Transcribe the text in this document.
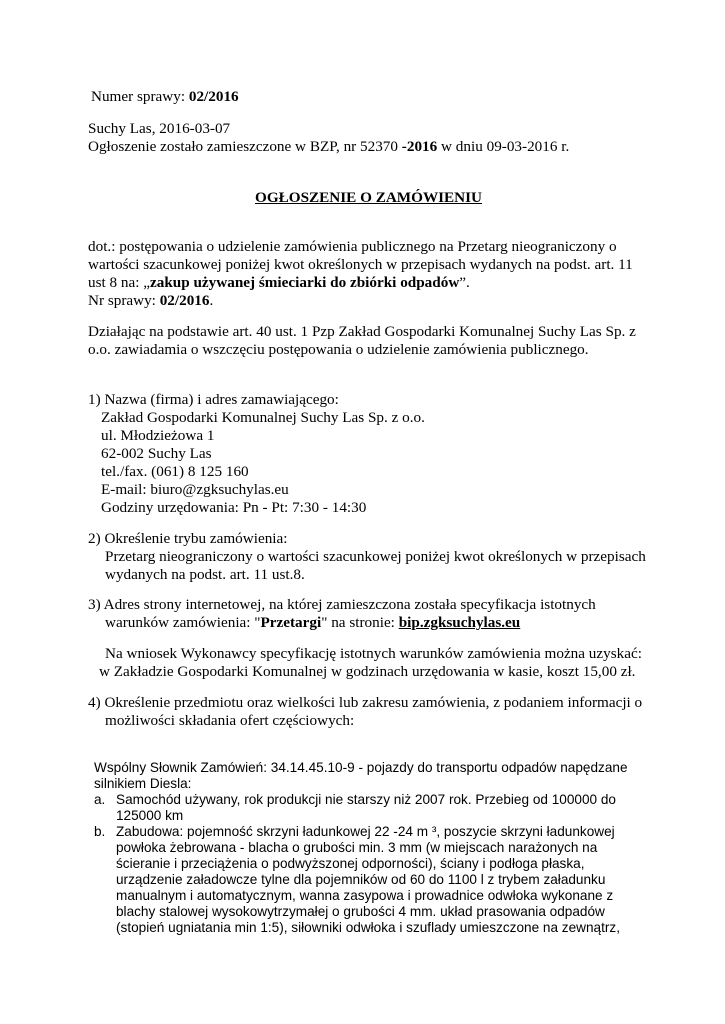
Numer sprawy: 02/2016
Suchy Las, 2016-03-07
Ogłoszenie zostało zamieszczone w BZP, nr 52370 -2016 w dniu 09-03-2016 r.
OGŁOSZENIE O ZAMÓWIENIU
dot.: postępowania o udzielenie zamówienia publicznego na Przetarg nieograniczony o
wartości szacunkowej poniżej kwot określonych w przepisach wydanych na podst. art. 11
ust 8 na: „zakup używanej śmieciarki do zbiórki odpadów”.
Nr sprawy: 02/2016.
Działając na podstawie art. 40 ust. 1 Pzp Zakład Gospodarki Komunalnej Suchy Las Sp. z
o.o. zawiadamia o wszczęciu postępowania o udzielenie zamówienia publicznego.
1) Nazwa (firma) i adres zamawiającego:
Zakład Gospodarki Komunalnej Suchy Las Sp. z o.o.
ul. Młodzieżowa 1
62-002 Suchy Las
tel./fax. (061) 8 125 160
E-mail: biuro@zgksuchylas.eu
Godziny urzędowania: Pn - Pt: 7:30 - 14:30
2) Określenie trybu zamówienia:
Przetarg nieograniczony o wartości szacunkowej poniżej kwot określonych w przepisach
wydanych na podst. art. 11 ust.8.
3) Adres strony internetowej, na której zamieszczona została specyfikacja istotnych
warunków zamówienia: "Przetargi" na stronie: bip.zgksuchylas.eu
Na wniosek Wykonawcy specyfikację istotnych warunków zamówienia można uzyskać:
w Zakładzie Gospodarki Komunalnej w godzinach urzędowania w kasie, koszt 15,00 zł.
4) Określenie przedmiotu oraz wielkości lub zakresu zamówienia, z podaniem informacji o
możliwości składania ofert częściowych:
Wspólny Słownik Zamówień: 34.14.45.10-9 - pojazdy do transportu odpadów napędzane
silnikiem Diesla:
a. Samochód używany, rok produkcji nie starszy niż 2007 rok. Przebieg od 100000 do
125000 km
b. Zabudowa: pojemność skrzyni ładunkowej 22 -24 m ³, poszycie skrzyni ładunkowej
powłoka żebrowana - blacha o grubości min. 3 mm (w miejscach narażonych na
ścieranie i przeciążenia o podwyższonej odporności), ściany i podłoga płaska,
urządzenie załadowcze tylne dla pojemników od 60 do 1100 l z trybem załadunku
manualnym i automatycznym, wanna zasypowa i prowadnice odwłoka wykonane z
blachy stalowej wysokowytrzymałej o grubości 4 mm. układ prasowania odpadów
(stopień ugniatania min 1:5), siłowniki odwłoka i szuflady umieszczone na zewnątrz,
